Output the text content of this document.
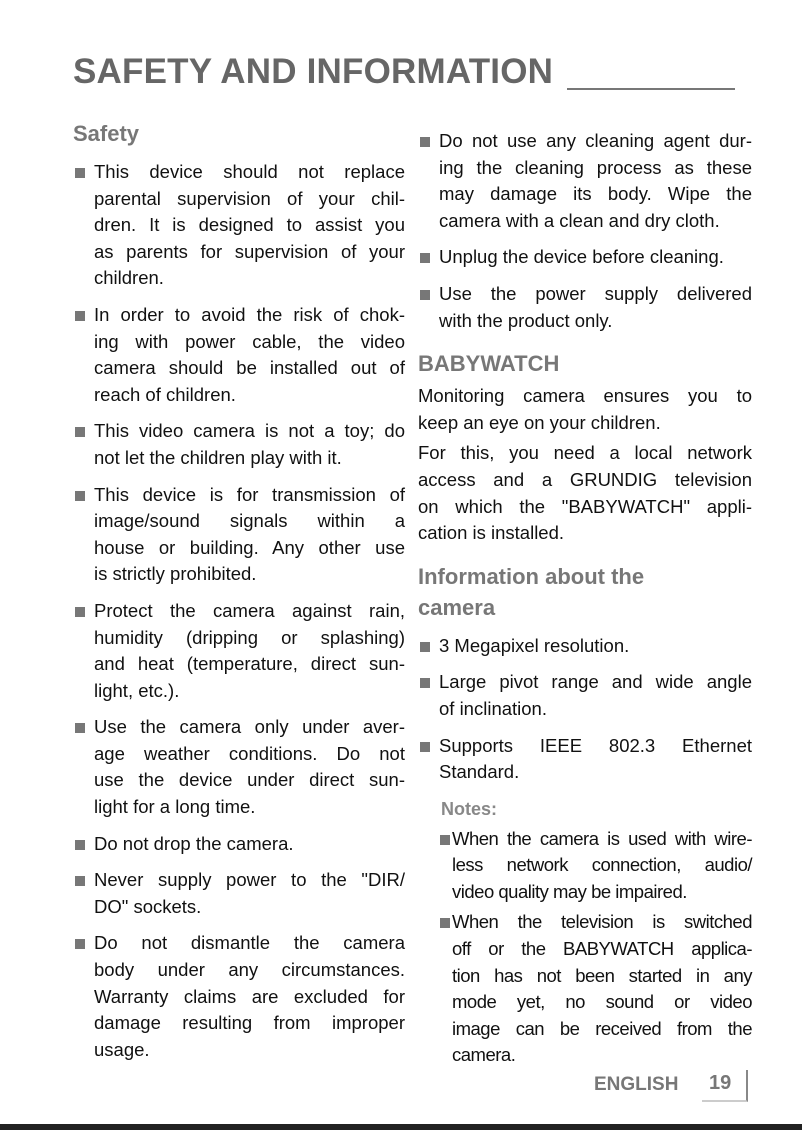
SAFETY AND INFORMATION
Safety
This device should not replace
parental supervision of your chil-
dren. It is designed to assist you
as parents for supervision of your
children.
In order to avoid the risk of chok-
ing with power cable, the video
camera should be installed out of
reach of children.
This video camera is not a toy; do
not let the children play with it.
This device is for transmission of
image/sound signals within a
house or building. Any other use
is strictly prohibited.
Protect the camera against rain,
humidity (dripping or splashing)
and heat (temperature, direct sun-
light, etc.).
Use the camera only under aver-
age weather conditions. Do not
use the device under direct sun-
light for a long time.
Do not drop the camera.
Never supply power to the "DIR/
DO" sockets.
Do not dismantle the camera
body under any circumstances.
Warranty claims are excluded for
damage resulting from improper
usage.
Do not use any cleaning agent dur-
ing the cleaning process as these
may damage its body. Wipe the
camera with a clean and dry cloth.
Unplug the device before cleaning.
Use the power supply delivered
with the product only.
BABYWATCH
Monitoring camera ensures you to
keep an eye on your children.
For this, you need a local network
access and a GRUNDIG television
on which the "BABYWATCH" appli-
cation is installed.
Information about the camera
3 Megapixel resolution.
Large pivot range and wide angle
of inclination.
Supports IEEE 802.3 Ethernet
Standard.
Notes:
When the camera is used with wire-
less network connection, audio/
video quality may be impaired.
When the television is switched
off or the BABYWATCH applica-
tion has not been started in any
mode yet, no sound or video
image can be received from the
camera.
ENGLISH 19
